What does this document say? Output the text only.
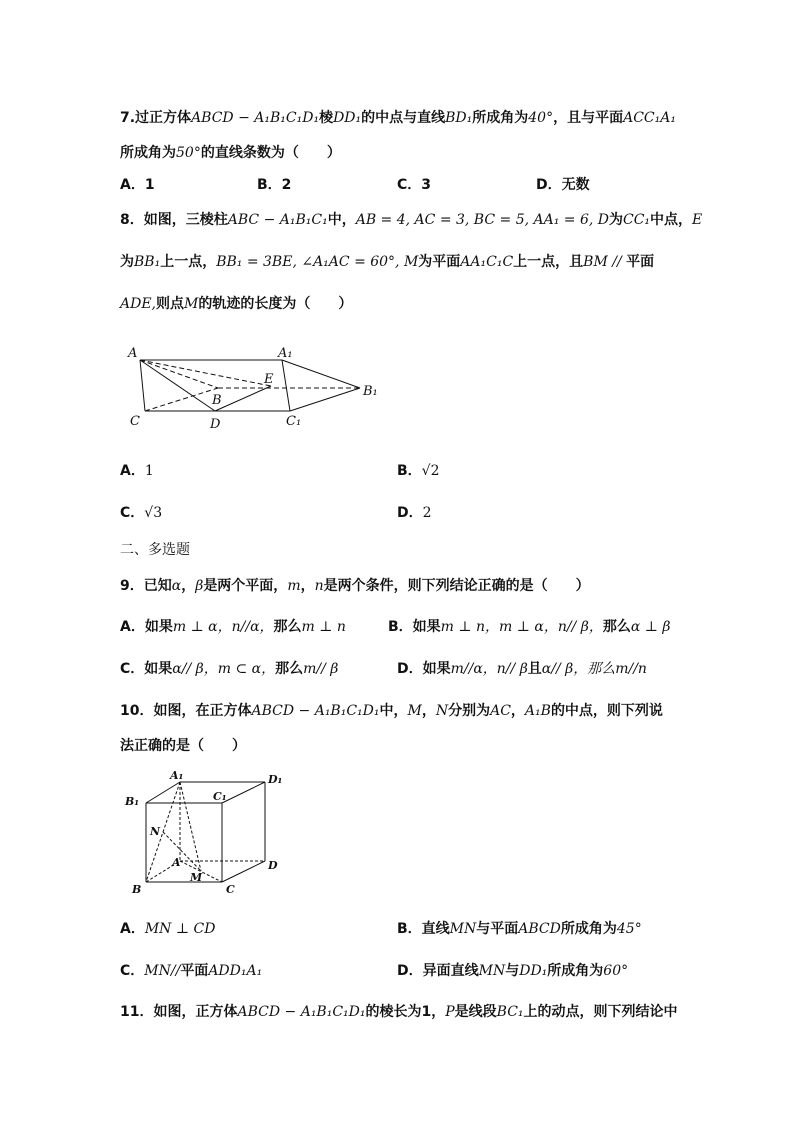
7.过正方体ABCD − A₁B₁C₁D₁棱DD₁的中点与直线BD₁所成角为40°，且与平面ACC₁A₁
所成角为50°的直线条数为（　　）
A．1	B．2	C．3	D．无数
8．如图，三棱柱ABC − A₁B₁C₁中，AB = 4, AC = 3, BC = 5, AA₁ = 6, D为CC₁中点，E
为BB₁上一点，BB₁ = 3BE, ∠A₁AC = 60°, M为平面AA₁C₁C上一点，且BM // 平面
ADE,则点M的轨迹的长度为（　　）
A	A₁
E
B₁
B
C	D	C₁
A．1	B．√2
C．√3	D．2
二、多选题
9．已知α，β是两个平面，m，n是两个条件，则下列结论正确的是（　　）
A．如果m ⊥ α，n//α，那么m ⊥ n	B．如果m ⊥ n，m ⊥ α，n// β，那么α ⊥ β
C．如果α// β，m ⊂ α，那么m// β	D．如果m//α，n// β且α// β，那么m//n
10．如图，在正方体ABCD − A₁B₁C₁D₁中，M，N分别为AC，A₁B的中点，则下列说
法正确的是（　　）
A₁	D₁
B₁	C₁
N
A
M
D
B	C
A．MN ⊥ CD	B．直线MN与平面ABCD所成角为45°
C．MN//平面ADD₁A₁	D．异面直线MN与DD₁所成角为60°
11．如图，正方体ABCD − A₁B₁C₁D₁的棱长为1，P是线段BC₁上的动点，则下列结论中
